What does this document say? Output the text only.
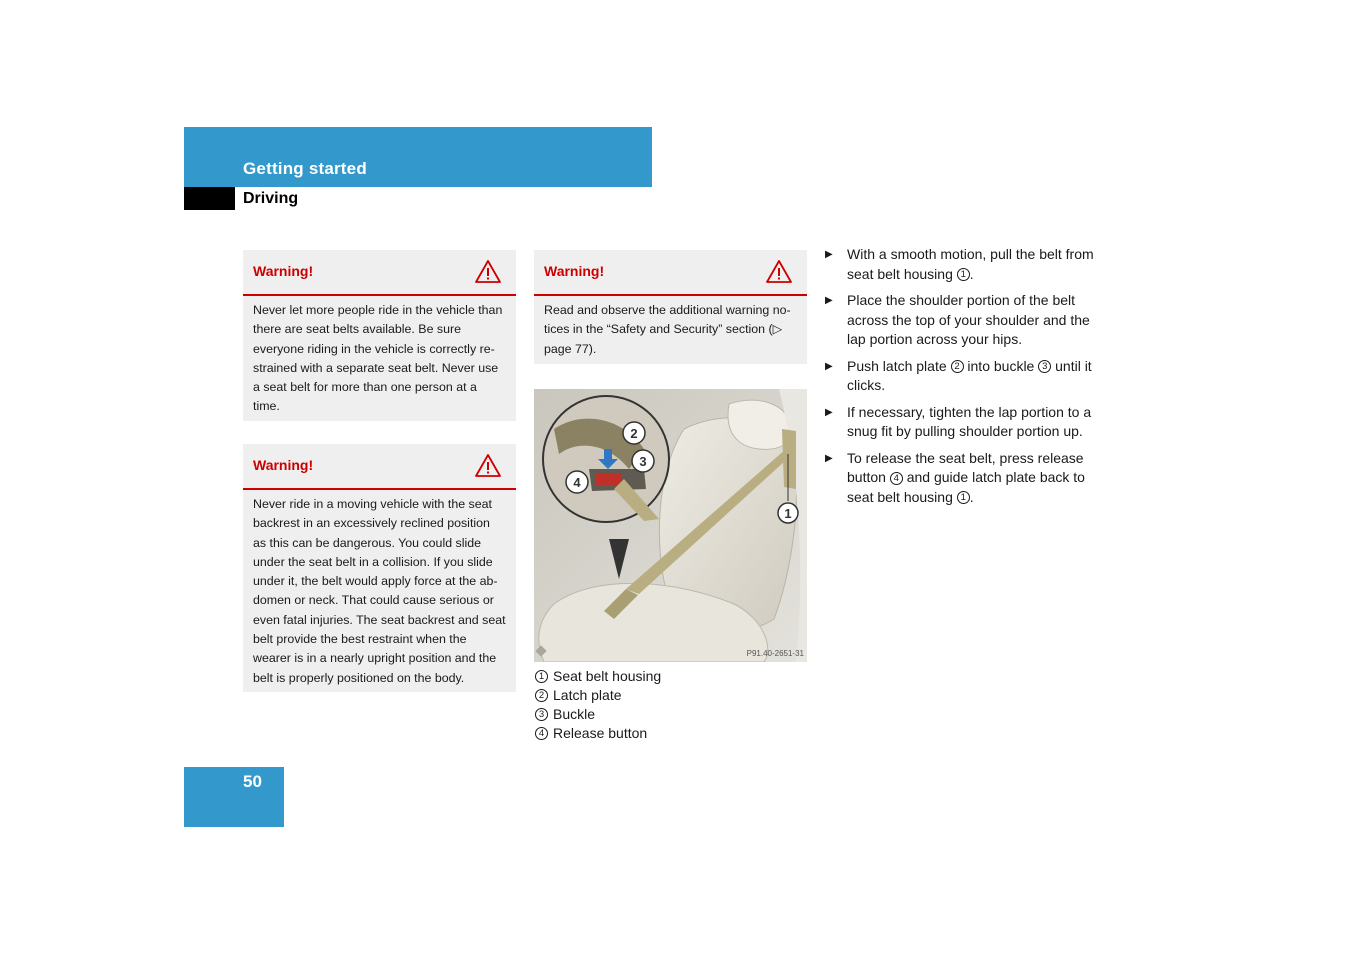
Getting started
Driving
Warning!
Never let more people ride in the vehicle than there are seat belts available. Be sure everyone riding in the vehicle is correctly re-strained with a separate seat belt. Never use a seat belt for more than one person at a time.
Warning!
Never ride in a moving vehicle with the seat backrest in an excessively reclined position as this can be dangerous. You could slide under the seat belt in a collision. If you slide under it, the belt would apply force at the ab-domen or neck. That could cause serious or even fatal injuries. The seat backrest and seat belt provide the best restraint when the wearer is in a nearly upright position and the belt is properly positioned on the body.
Warning!
Read and observe the additional warning no-tices in the “Safety and Security” section (▷ page 77).
1
2
3
4
P91.40-2651-31
1 Seat belt housing
2 Latch plate
3 Buckle
4 Release button
▶ With a smooth motion, pull the belt from seat belt housing 1 .
▶ Place the shoulder portion of the belt across the top of your shoulder and the lap portion across your hips.
▶ Push latch plate 2 into buckle 3 until it clicks.
▶ If necessary, tighten the lap portion to a snug fit by pulling shoulder portion up.
▶ To release the seat belt, press release button 4 and guide latch plate back to seat belt housing 1 .
50
